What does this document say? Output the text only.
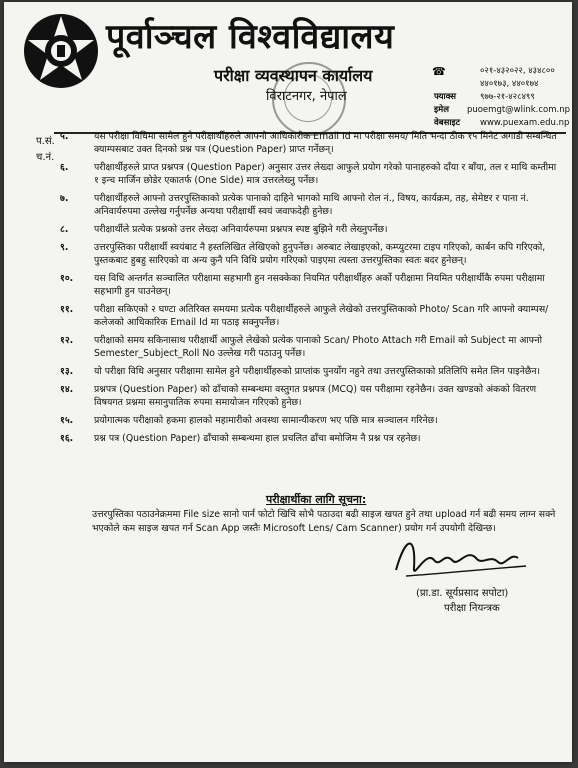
पूर्वाञ्चल विश्वविद्यालय
परीक्षा व्यवस्थापन कार्यालय
विराटनगर, नेपाल
☎	०२१-४३२०२२, ४३४८००
४४०१७३, ४४०१७४
फ्याक्स	९७७-२१-४२८४९९
इमेल	puoemgt@wlink.com.np
वेबसाइट	www.puexam.edu.np
प.सं.
च.नं.
५.	यस परीक्षा विधिमा सामेल हुने परीक्षार्थीहरुले आफ्नो आधिकारीक Email Id मा परीक्षा समय/ मिति भन्दा ठीक १५ मिनेट अगाडी सम्बन्धित क्याम्पसबाट उक्त दिनको प्रश्न पत्र (Question Paper) प्राप्त गर्नेछन्।
६.	परीक्षार्थीहरुले प्राप्त प्रश्नपत्र (Question Paper) अनुसार उत्तर लेख्दा आफुले प्रयोग गरेको पानाहरुको दाँया र बाँया, तल र माथि कम्तीमा १ इन्च मार्जिन छोडेर एकातर्फ (One Side) मात्र उत्तरलेख्नु पर्नेछ।
७.	परीक्षार्थीहरुले आफ्नो उत्तरपुस्तिकाको प्रत्येक पानाको दाहिने भागको माथि आफ्नो रोल नं., विषय, कार्यक्रम, तह, सेमेष्टर र पाना नं. अनिवार्यरुपमा उल्लेख गर्नुपर्नेछ अन्यथा परीक्षार्थी स्वयं जवाफदेही हुनेछ।
८.	परीक्षार्थीले प्रत्येक प्रश्नको उत्तर लेख्दा अनिवार्यरुपमा प्रश्नपत्र स्पष्ट बुझिने गरी लेख्नुपर्नेछ।
९.	उत्तरपुस्तिका परीक्षार्थी स्वयंबाट नै हस्तलिखित लेखिएको हुनुपर्नेछ। अरुबाट लेखाइएको, कम्प्युटरमा टाइप गरिएको, कार्बन कपि गरिएको, पुस्तकबाट हुबहु सारिएको वा अन्य कुनै पनि विधि प्रयोग गरिएको पाइएमा त्यस्ता उत्तरपुस्तिका स्वतः बदर हुनेछन्।
१०.	यस विधि अन्तर्गत सञ्चालित परीक्षामा सहभागी हुन नसक्केका नियमित परीक्षार्थीहरु अर्को परीक्षामा नियमित परीक्षार्थीकै रुपमा परीक्षामा सहभागी हुन पाउनेछन्।
११.	परीक्षा सकिएको २ घण्टा अतिरिक्त समयमा प्रत्येक परीक्षार्थीहरुले आफुले लेखेको उत्तरपुस्तिकाको Photo/ Scan गरि आफ्नो क्याम्पस/ कलेजको आधिकारिक Email Id मा पठाइ सक्नुपर्नेछ।
१२.	परीक्षाको समय सकिनासाथ परीक्षार्थी आफुले लेखेको प्रत्येक पानाको Scan/ Photo Attach गरी Email को Subject मा आफ्नो Semester_Subject_Roll No उल्लेख गरी पठाउनु पर्नेछ।
१३.	यो परीक्षा विधि अनुसार परीक्षामा सामेल हुने परीक्षार्थीहरुको प्राप्तांक पुनर्योग नहुने तथा उत्तरपुस्तिकाको प्रतिलिपि समेत लिन पाइनेछैन।
१४.	प्रश्नपत्र (Question Paper) को ढाँचाको सम्बन्धमा वस्तुगत प्रश्नपत्र (MCQ) यस परीक्षामा रहनेछैन। उक्त खण्डको अंकको वितरण विषयगत प्रश्नमा समानुपातिक रुपमा समायोजन गरिएको हुनेछ।
१५.	प्रयोगात्मक परीक्षाको हकमा हालको महामारीको अवस्था सामान्यीकरण भए पछि मात्र सञ्चालन गरिनेछ।
१६.	प्रश्न पत्र (Question Paper) ढाँचाको सम्बन्धमा हाल प्रचलित ढाँचा बमोजिम नै प्रश्न पत्र रहनेछ।
परीक्षार्थीका लागि सूचना:
उत्तरपुस्तिका पठाउनेक्रममा File size सानो पार्न फोटो खिचि सोभै पठाउदा बढी साइज खपत हुने तथा upload गर्न बढी समय लाग्न सक्ने भएकोले कम साइज खपत गर्न Scan App जस्तैः Microsoft Lens/ Cam Scanner) प्रयोग गर्न उपयोगी देखिन्छ।
(प्रा.डा. सूर्यप्रसाद सपोटा)
परीक्षा नियन्त्रक
